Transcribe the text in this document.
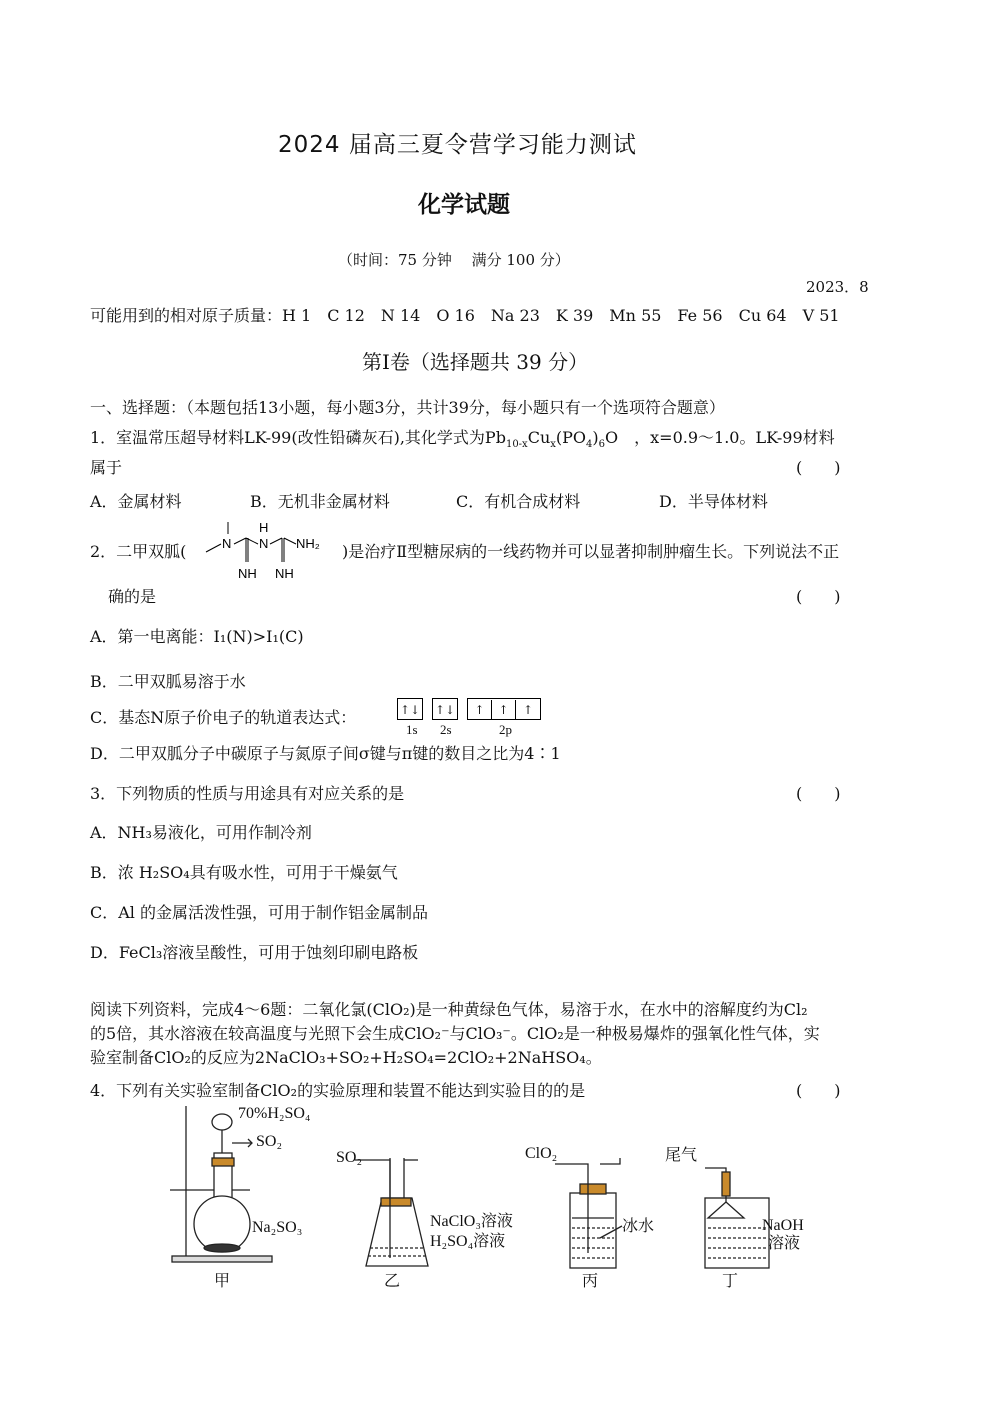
2024 届高三夏令营学习能力测试
化学试题
（时间：75 分钟　 满分 100 分）
2023．8
可能用到的相对原子质量：H 1　C 12　N 14　O 16　Na 23　K 39　Mn 55　Fe 56　Cu 64　V 51
第Ⅰ卷（选择题共 39 分）
一、选择题：（本题包括13小题，每小题3分，共计39分，每小题只有一个选项符合题意）
1．室温常压超导材料LK-99(改性铅磷灰石),其化学式为$Pb_{10-x}Cu_x(PO_4)_6O$　，x=0.9～1.0。LK-99材料
属于	(　　)
A．金属材料	B．无机非金属材料	C．有机合成材料	D．半导体材料
2．二甲双胍(	N
H
N NH₂
NH NH
)是治疗Ⅱ型糖尿病的一线药物并可以显著抑制肿瘤生长。下列说法不正
确的是	(　　)
A．第一电离能：I₁(N)>I₁(C)
B．二甲双胍易溶于水
C．基态N原子价电子的轨道表达式：	↑↓ ↑↓	↑ ↑ ↑
1s 2s	2p
D．二甲双胍分子中碳原子与氮原子间σ键与π键的数目之比为4∶1
3．下列物质的性质与用途具有对应关系的是	(　　)
A．NH₃易液化，可用作制冷剂
B．浓 H₂SO₄具有吸水性，可用于干燥氨气
C．Al 的金属活泼性强，可用于制作铝金属制品
D．FeCl₃溶液呈酸性，可用于蚀刻印刷电路板
阅读下列资料，完成4～6题：二氧化氯(ClO₂)是一种黄绿色气体，易溶于水，在水中的溶解度约为Cl₂
的5倍，其水溶液在较高温度与光照下会生成ClO₂⁻与ClO₃⁻。ClO₂是一种极易爆炸的强氧化性气体，实
验室制备ClO₂的反应为2NaClO₃+SO₂+H₂SO₄=2ClO₂+2NaHSO₄。
4．下列有关实验室制备ClO₂的实验原理和装置不能达到实验目的的是	(　　)
70%H₂SO₄
SO₂
Na₂SO₃
甲
SO₂
NaClO₃溶液
H₂SO₄溶液
乙
ClO₂
冰水
丙
尾气
NaOH
溶液
丁
